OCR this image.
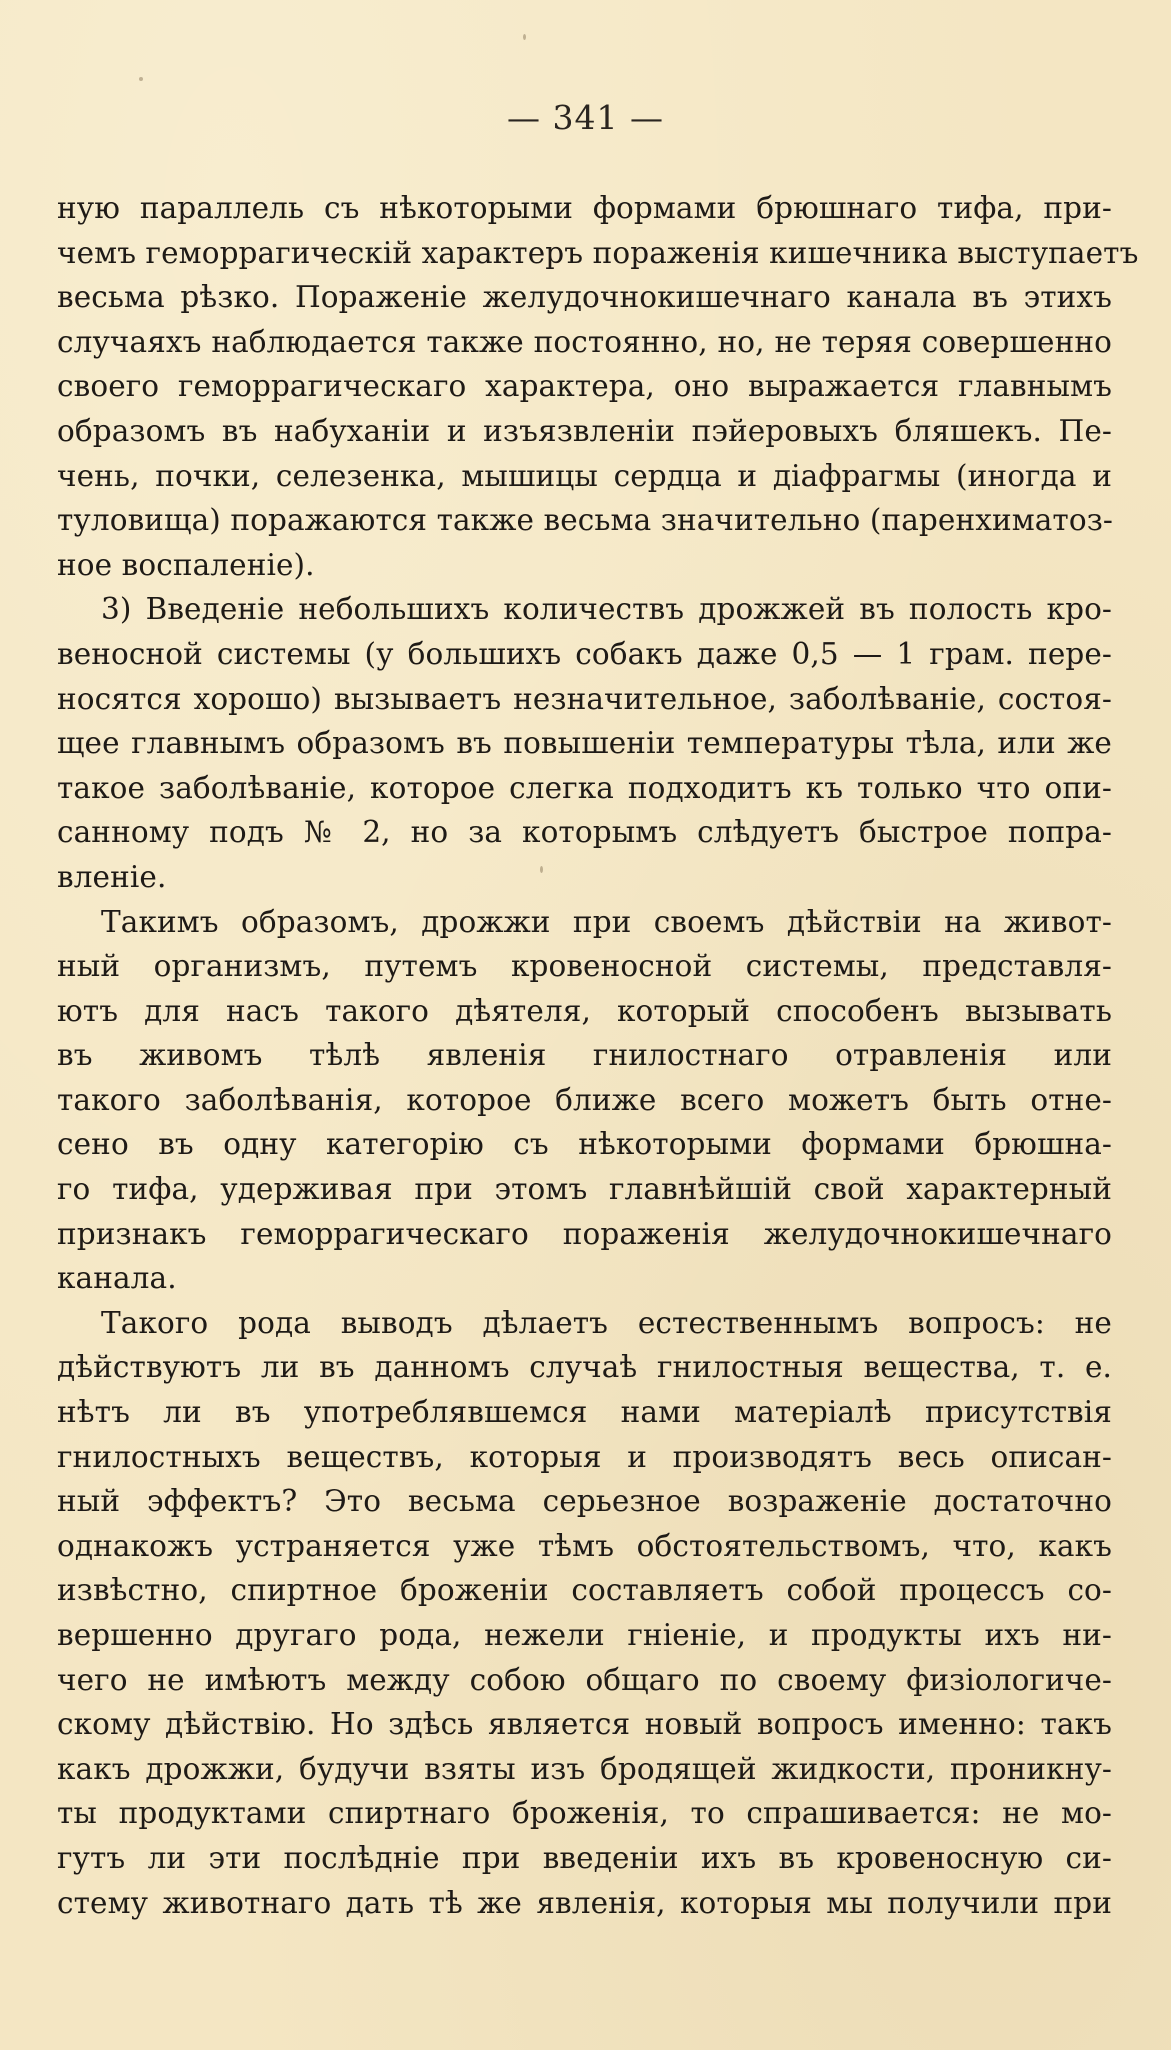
— 341 —
ную параллель съ нѣкоторыми формами брюшнаго тифа, при-
чемъ геморрагическій характеръ пораженія кишечника выступаетъ
весьма рѣзко. Пораженіе желудочнокишечнаго канала въ этихъ
случаяхъ наблюдается также постоянно, но, не теряя совершенно
своего геморрагическаго характера, оно выражается главнымъ
образомъ въ набуханіи и изъязвленіи пэйеровыхъ бляшекъ. Пе-
чень, почки, селезенка, мышицы сердца и діафрагмы (иногда и
туловища) поражаются также весьма значительно (паренхиматоз-
ное воспаленіе).
3) Введеніе небольшихъ количествъ дрожжей въ полость кро-
веносной системы (у большихъ собакъ даже 0,5 — 1 грам. пере-
носятся хорошо) вызываетъ незначительное, заболѣваніе, состоя-
щее главнымъ образомъ въ повышеніи температуры тѣла, или же
такое заболѣваніе, которое слегка подходитъ къ только что опи-
санному подъ № 2, но за которымъ слѣдуетъ быстрое попра-
вленіе.
Такимъ образомъ, дрожжи при своемъ дѣйствіи на живот-
ный организмъ, путемъ кровеносной системы, представля-
ютъ для насъ такого дѣятеля, который способенъ вызывать
въ живомъ тѣлѣ явленія гнилостнаго отравленія или
такого заболѣванія, которое ближе всего можетъ быть отне-
сено въ одну категорію съ нѣкоторыми формами брюшна-
го тифа, удерживая при этомъ главнѣйшій свой характерный
признакъ геморрагическаго пораженія желудочнокишечнаго
канала.
Такого рода выводъ дѣлаетъ естественнымъ вопросъ: не
дѣйствуютъ ли въ данномъ случаѣ гнилостныя вещества, т. е.
нѣтъ ли въ употреблявшемся нами матеріалѣ присутствія
гнилостныхъ веществъ, которыя и производятъ весь описан-
ный эффектъ? Это весьма серьезное возраженіе достаточно
однакожъ устраняется уже тѣмъ обстоятельствомъ, что, какъ
извѣстно, спиртное броженіи составляетъ собой процессъ со-
вершенно другаго рода, нежели гніеніе, и продукты ихъ ни-
чего не имѣютъ между собою общаго по своему физіологиче-
скому дѣйствію. Но здѣсь является новый вопросъ именно: такъ
какъ дрожжи, будучи взяты изъ бродящей жидкости, проникну-
ты продуктами спиртнаго броженія, то спрашивается: не мо-
гутъ ли эти послѣдніе при введеніи ихъ въ кровеносную си-
стему животнаго дать тѣ же явленія, которыя мы получили при
